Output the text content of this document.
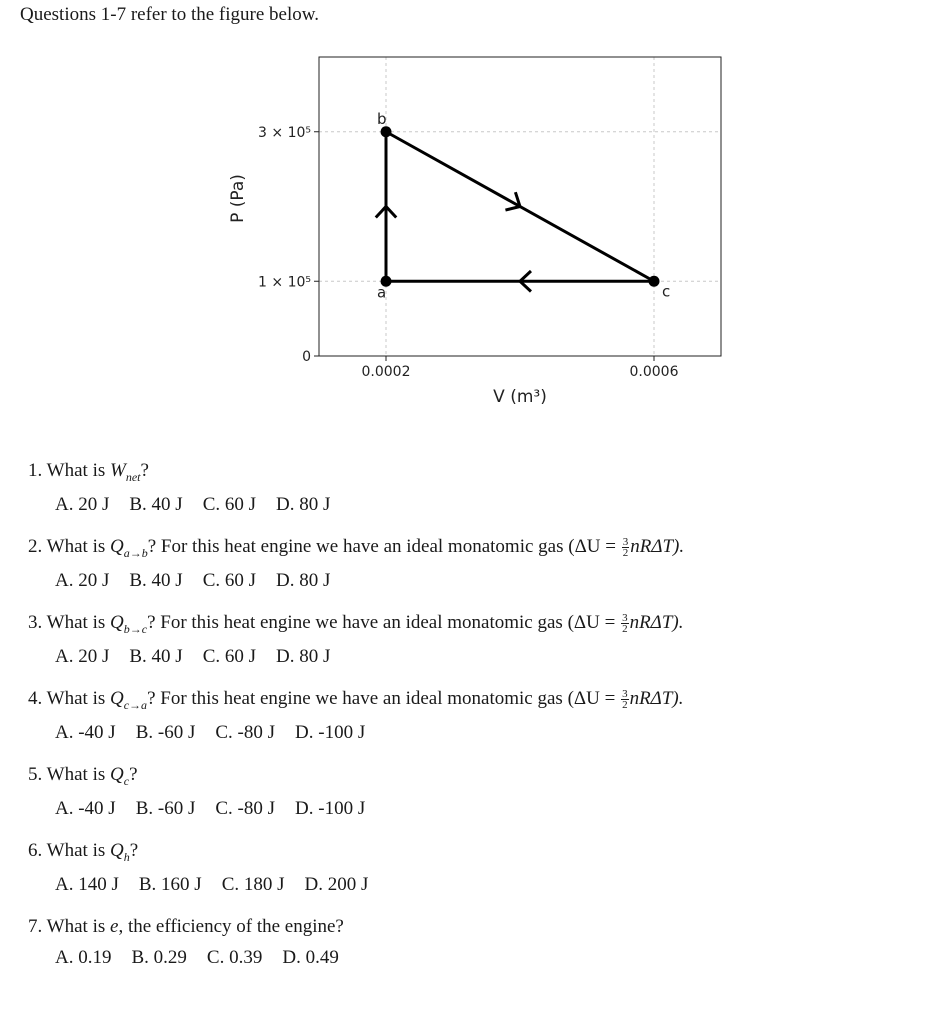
Questions 1-7 refer to the figure below.
0.0002	0.0006
0
1 × 10⁵
3 × 10⁵
V (m³)
P (Pa)
a
b
c
1. What is $W_{net}$?
A. 20 J B. 40 J C. 60 J D. 80 J
2. What is $Q_{a\to b}$? For this heat engine we have an ideal monatomic gas $(\Delta U = \frac{3}{2} nR\Delta T)$.
A. 20 J B. 40 J C. 60 J D. 80 J
3. What is $Q_{b\to c}$? For this heat engine we have an ideal monatomic gas $(\Delta U = \frac{3}{2} nR\Delta T)$.
A. 20 J B. 40 J C. 60 J D. 80 J
4. What is $Q_{c\to a}$? For this heat engine we have an ideal monatomic gas $(\Delta U = \frac{3}{2} nR\Delta T)$.
A. -40 J B. -60 J C. -80 J D. -100 J
5. What is $Q_c$?
A. -40 J B. -60 J C. -80 J D. -100 J
6. What is $Q_h$?
A. 140 J B. 160 J C. 180 J D. 200 J
7. What is e, the efficiency of the engine?
A. 0.19 B. 0.29 C. 0.39 D. 0.49
